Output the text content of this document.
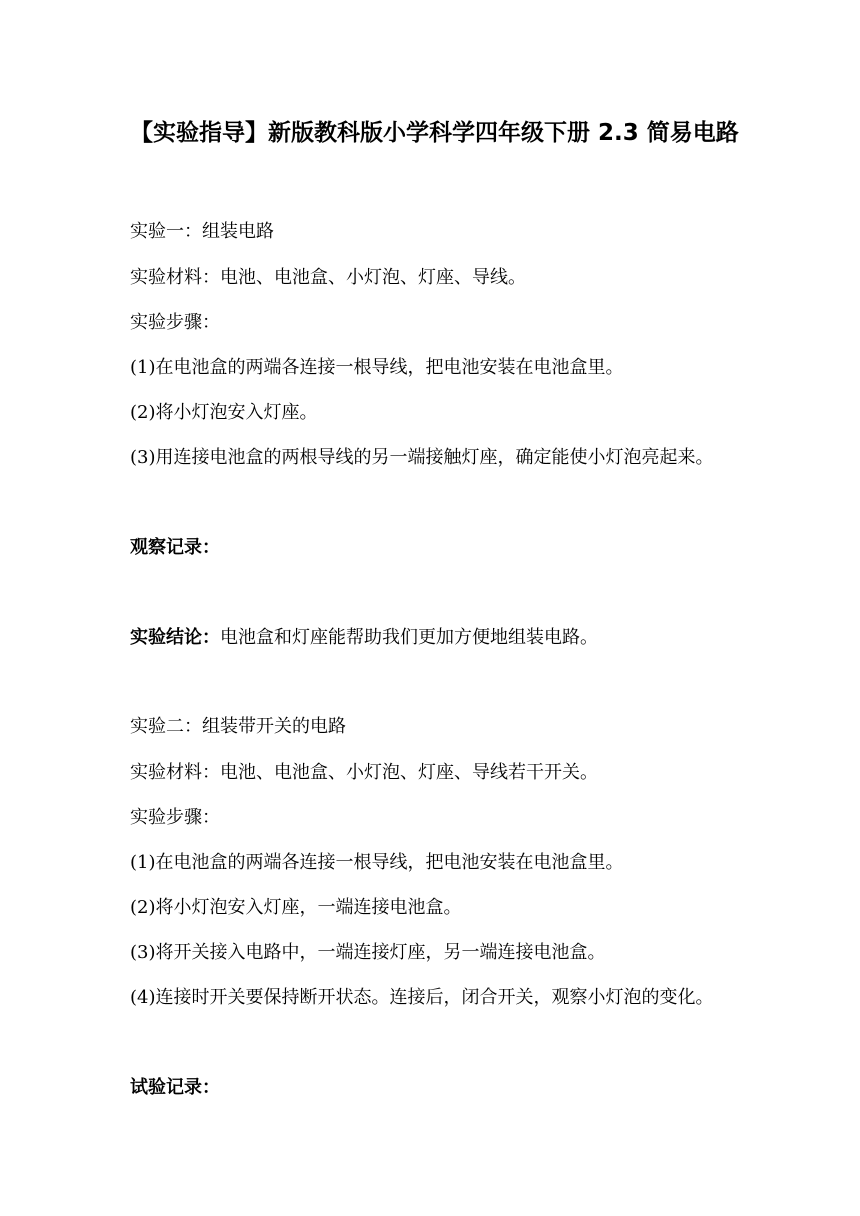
【实验指导】新版教科版小学科学四年级下册 2.3 简易电路

实验一：组装电路

实验材料：电池、电池盒、小灯泡、灯座、导线。

实验步骤：

(1)在电池盒的两端各连接一根导线，把电池安装在电池盒里。

(2)将小灯泡安入灯座。

(3)用连接电池盒的两根导线的另一端接触灯座，确定能使小灯泡亮起来。

观察记录：

实验结论：电池盒和灯座能帮助我们更加方便地组装电路。

实验二：组装带开关的电路

实验材料：电池、电池盒、小灯泡、灯座、导线若干开关。

实验步骤：

(1)在电池盒的两端各连接一根导线，把电池安装在电池盒里。

(2)将小灯泡安入灯座，一端连接电池盒。

(3)将开关接入电路中，一端连接灯座，另一端连接电池盒。

(4)连接时开关要保持断开状态。连接后，闭合开关，观察小灯泡的变化。

试验记录：
